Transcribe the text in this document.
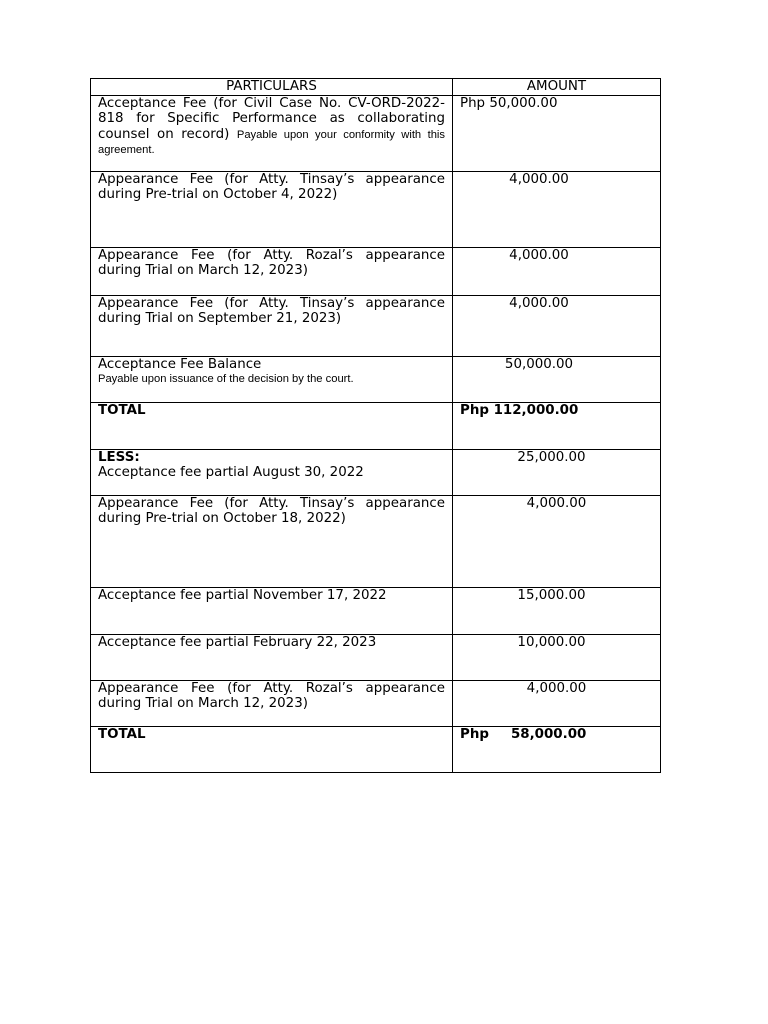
PARTICULARS	AMOUNT
Acceptance Fee (for Civil Case No. CV-ORD-2022-818 for Specific Performance as collaborating counsel on record) Payable upon your conformity with this agreement.	Php 50,000.00

Appearance Fee (for Atty. Tinsay’s appearance during Pre-trial on October 4, 2022)	4,000.00

Appearance Fee (for Atty. Rozal’s appearance during Trial on March 12, 2023)	4,000.00

Appearance Fee (for Atty. Tinsay’s appearance during Trial on September 21, 2023)	4,000.00

Acceptance Fee Balance
Payable upon issuance of the decision by the court.	50,000.00
TOTAL	Php 112,000.00

LESS:
Acceptance fee partial August 30, 2022	25,000.00

Appearance Fee (for Atty. Tinsay’s appearance during Pre-trial on October 18, 2022)	4,000.00

Acceptance fee partial November 17, 2022	15,000.00

Acceptance fee partial February 22, 2023	10,000.00

Appearance Fee (for Atty. Rozal’s appearance during Trial on March 12, 2023)	4,000.00
TOTAL	Php 58,000.00
